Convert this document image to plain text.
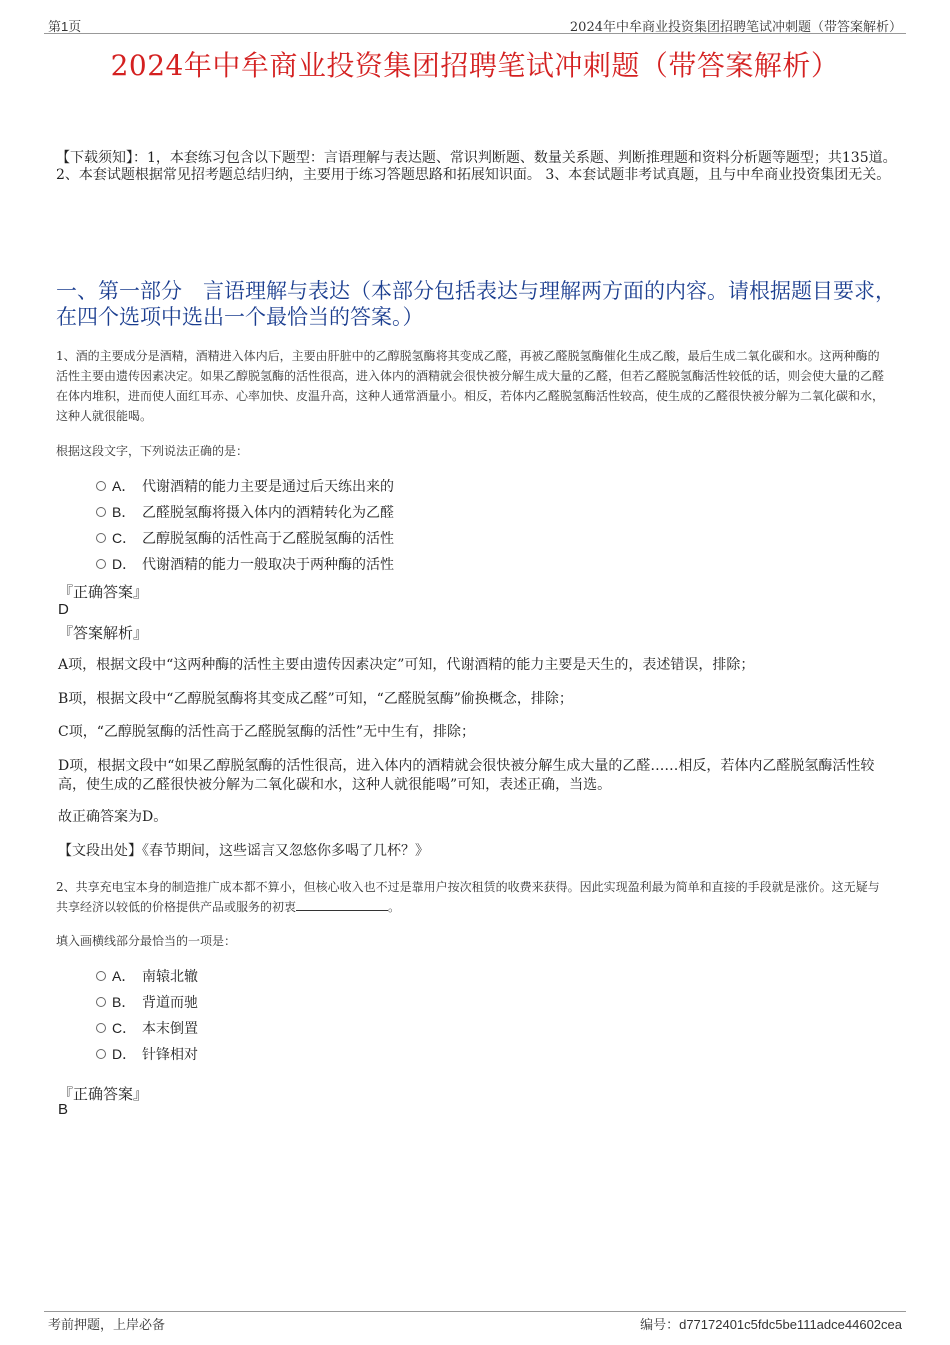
第1页	2024年中牟商业投资集团招聘笔试冲刺题（带答案解析）
2024年中牟商业投资集团招聘笔试冲刺题（带答案解析）
【下载须知】：1，本套练习包含以下题型：言语理解与表达题、常识判断题、数量关系题、判断推理题和资料分析题等题型；共135道。 2、本套试题根据常见招考题总结归纳，主要用于练习答题思路和拓展知识面。 3、本套试题非考试真题，且与中牟商业投资集团无关。
一、第一部分　言语理解与表达（本部分包括表达与理解两方面的内容。请根据题目要求，在四个选项中选出一个最恰当的答案。）
1、酒的主要成分是酒精，酒精进入体内后，主要由肝脏中的乙醇脱氢酶将其变成乙醛，再被乙醛脱氢酶催化生成乙酸，最后生成二氧化碳和水。这两种酶的活性主要由遗传因素决定。如果乙醇脱氢酶的活性很高，进入体内的酒精就会很快被分解生成大量的乙醛，但若乙醛脱氢酶活性较低的话，则会使大量的乙醛在体内堆积，进而使人面红耳赤、心率加快、皮温升高，这种人通常酒量小。相反，若体内乙醛脱氢酶活性较高，使生成的乙醛很快被分解为二氧化碳和水，这种人就很能喝。
根据这段文字，下列说法正确的是：
A． 代谢酒精的能力主要是通过后天练出来的
B． 乙醛脱氢酶将摄入体内的酒精转化为乙醛
C． 乙醇脱氢酶的活性高于乙醛脱氢酶的活性
D． 代谢酒精的能力一般取决于两种酶的活性
『正确答案』
D
『答案解析』
A项，根据文段中“这两种酶的活性主要由遗传因素决定”可知，代谢酒精的能力主要是天生的，表述错误，排除；
B项，根据文段中“乙醇脱氢酶将其变成乙醛”可知，“乙醛脱氢酶”偷换概念，排除；
C项，“乙醇脱氢酶的活性高于乙醛脱氢酶的活性”无中生有，排除；
D项，根据文段中“如果乙醇脱氢酶的活性很高，进入体内的酒精就会很快被分解生成大量的乙醛……相反，若体内乙醛脱氢酶活性较高，使生成的乙醛很快被分解为二氧化碳和水，这种人就很能喝”可知，表述正确，当选。
故正确答案为D。
【文段出处】《春节期间，这些谣言又忽悠你多喝了几杯？》
2、共享充电宝本身的制造推广成本都不算小，但核心收入也不过是靠用户按次租赁的收费来获得。因此实现盈利最为简单和直接的手段就是涨价。这无疑与共享经济以较低的价格提供产品或服务的初衷	。
填入画横线部分最恰当的一项是：
A． 南辕北辙
B． 背道而驰
C． 本末倒置
D． 针锋相对
『正确答案』
B
考前押题，上岸必备	编号：d77172401c5fdc5be111adce44602cea
